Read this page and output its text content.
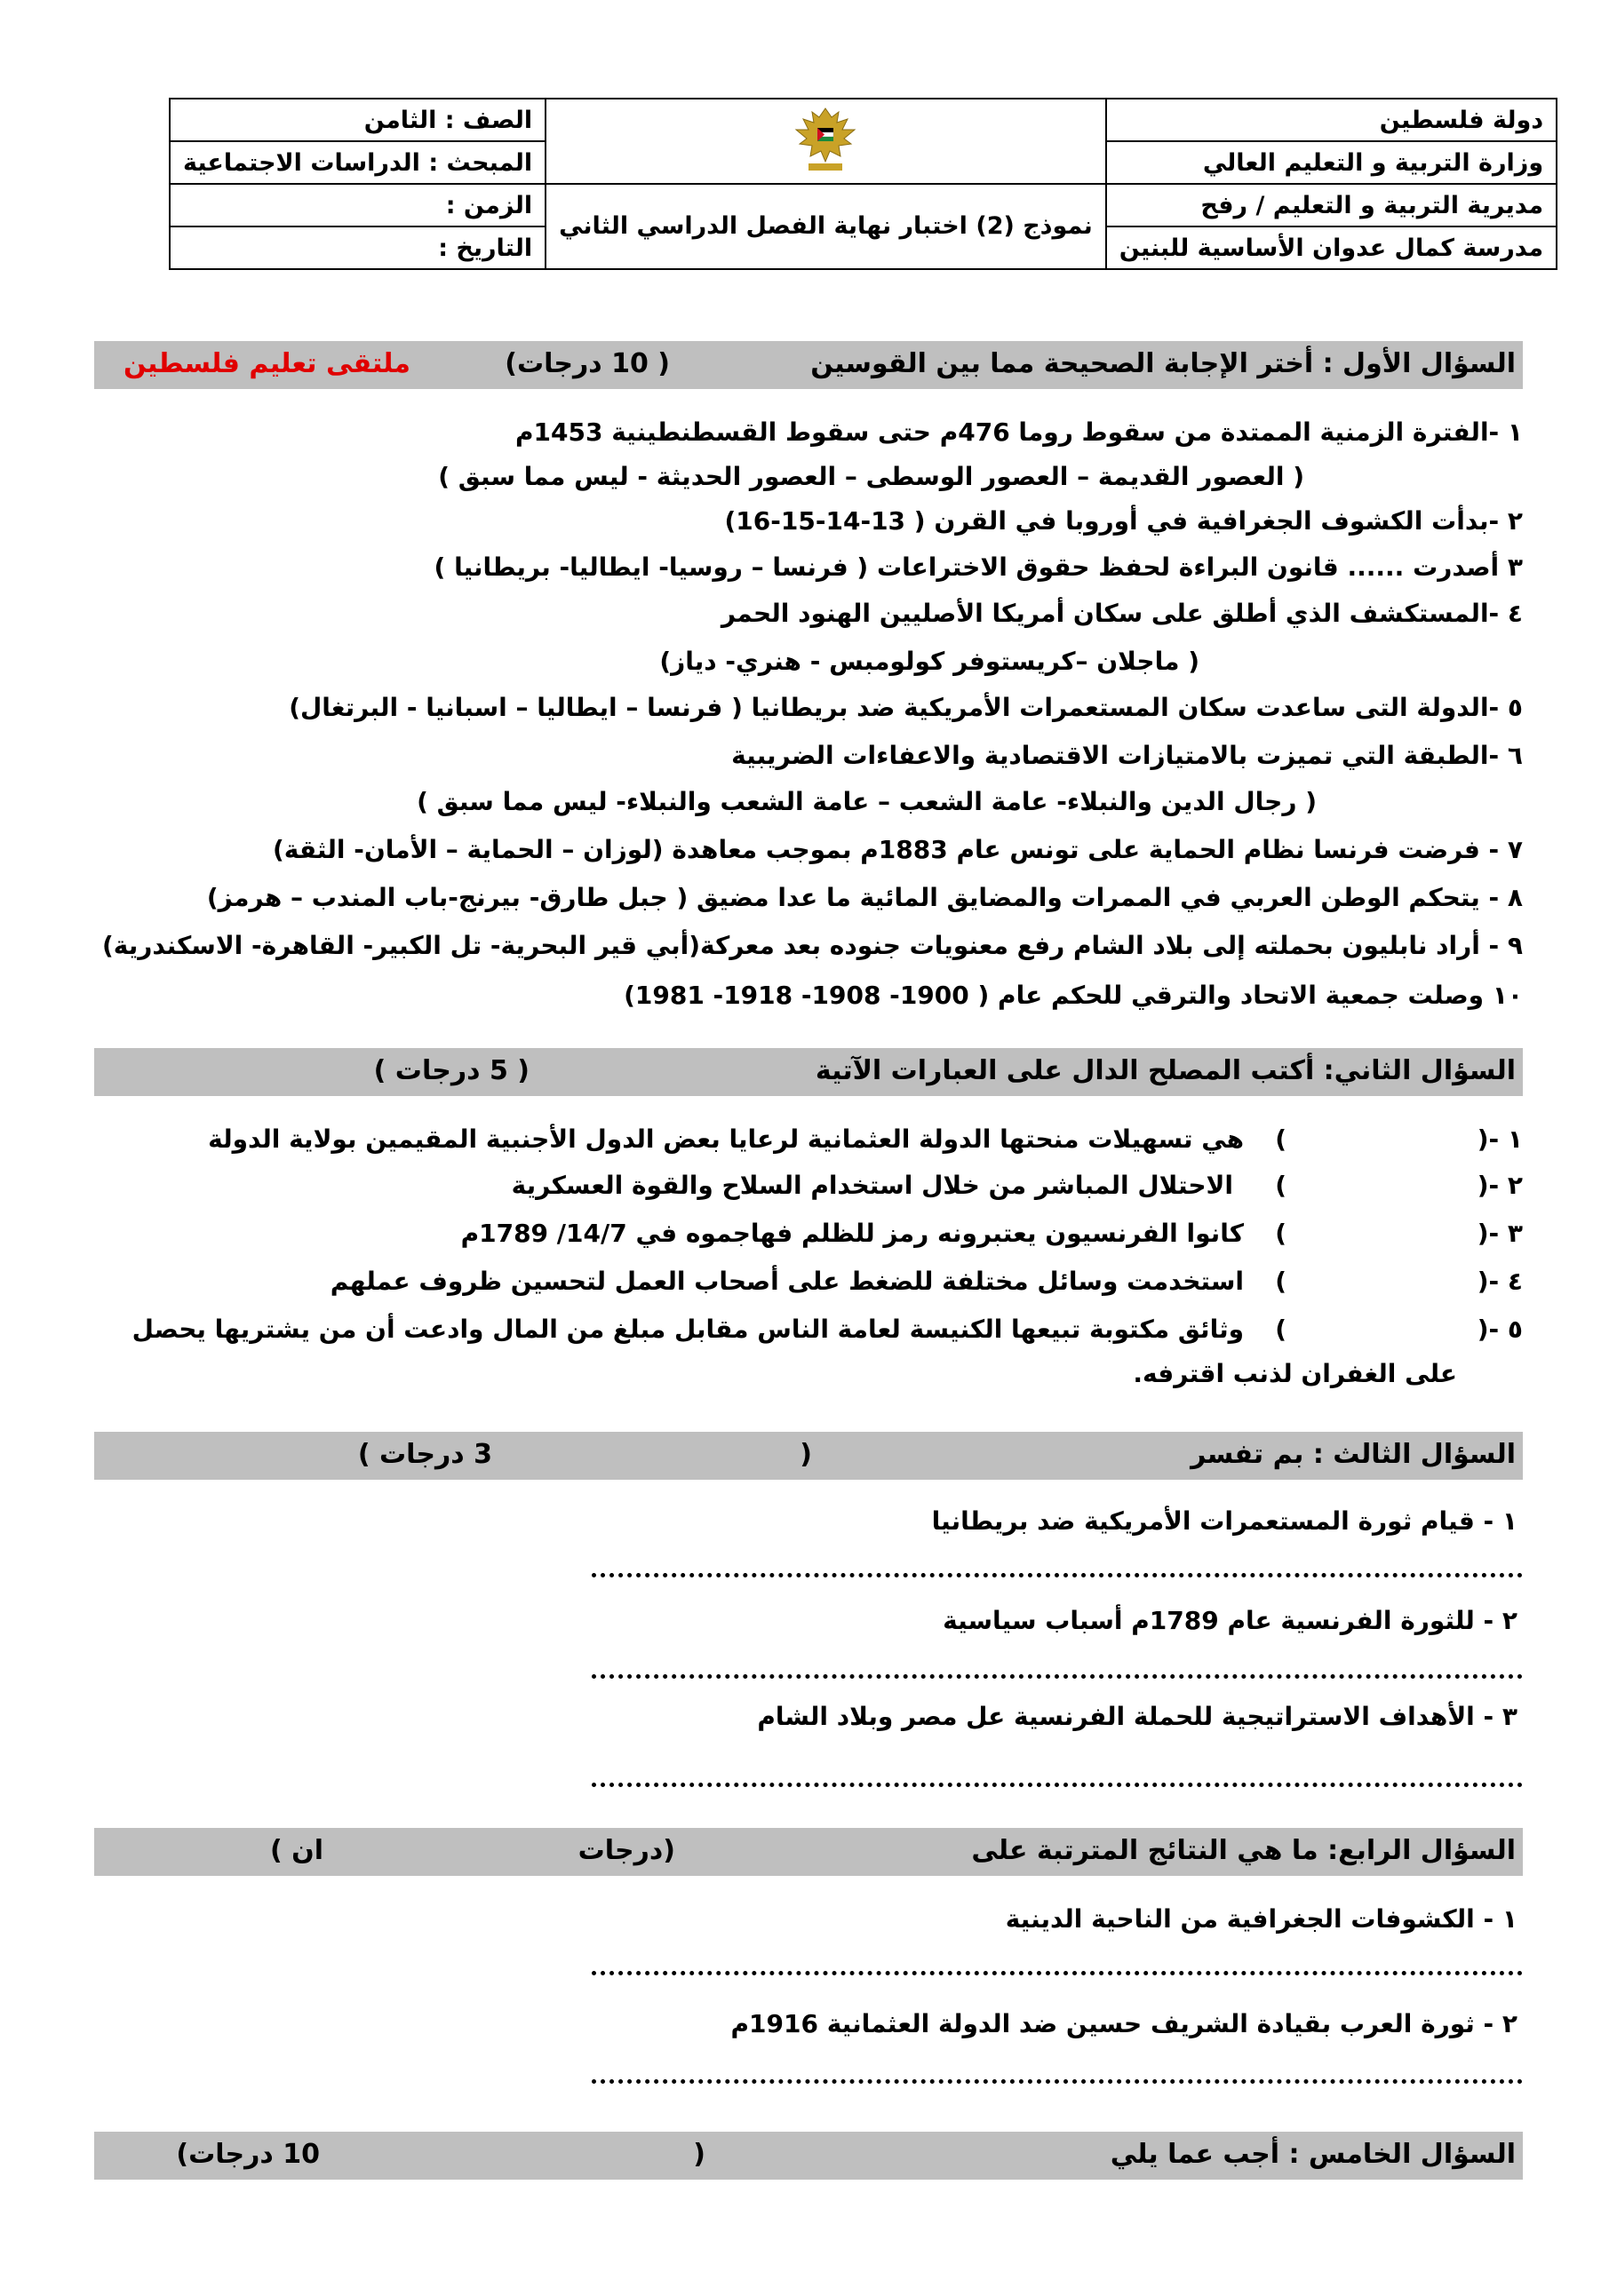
دولة فلسطين		الصف : الثامن
وزارة التربية و التعليم العالي		المبحث : الدراسات الاجتماعية
مديرية التربية و التعليم / رفح	نموذج (2) اختبار نهاية الفصل الدراسي الثاني	الزمن :
مدرسة كمال عدوان الأساسية للبنين		التاريخ :
السؤال الأول : أختر الإجابة الصحيحة مما بين القوسين
( 10 درجات)
ملتقى تعليم فلسطين
١ -الفترة الزمنية الممتدة من سقوط روما 476م حتى سقوط القسطنطينية 1453م
( العصور القديمة – العصور الوسطى – العصور الحديثة - ليس مما سبق )
٢ -بدأت الكشوف الجغرافية في أوروبا في القرن ( 13-14-15-16)
٣ أصدرت ...... قانون البراءة لحفظ حقوق الاختراعات ( فرنسا – روسيا- ايطاليا- بريطانيا )
٤ -المستكشف الذي أطلق على سكان أمريكا الأصليين الهنود الحمر
( ماجلان –كريستوفر كولومبس - هنري- دياز)
٥ -الدولة التى ساعدت سكان المستعمرات الأمريكية ضد بريطانيا ( فرنسا – ايطاليا – اسبانيا - البرتغال)
٦ -الطبقة التي تميزت بالامتيازات الاقتصادية والاعفاءات الضريبية
( رجال الدين والنبلاء- عامة الشعب – عامة الشعب والنبلاء- ليس مما سبق )
٧ - فرضت فرنسا نظام الحماية على تونس عام 1883م بموجب معاهدة (لوزان – الحماية – الأمان- الثقة)
٨ - يتحكم الوطن العربي في الممرات والمضايق المائية ما عدا مضيق ( جبل طارق- بيرنج-باب المندب – هرمز)
٩ - أراد نابليون بحملته إلى بلاد الشام رفع معنويات جنوده بعد معركة(أبي قير البحرية- تل الكبير- القاهرة- الاسكندرية)
١٠ وصلت جمعية الاتحاد والترقي للحكم عام ( 1900- 1908- 1918- 1981)
السؤال الثاني: أكتب المصلح الدال على العبارات الآتية
( 5 درجات )
١ -(
)
هي تسهيلات منحتها الدولة العثمانية لرعايا بعض الدول الأجنبية المقيمين بولاية الدولة
٢ -(
)
الاحتلال المباشر من خلال استخدام السلاح والقوة العسكرية
٣ -(
)
كانوا الفرنسيون يعتبرونه رمز للظلم فهاجموه في 14/7/ 1789م
٤ -(
)
استخدمت وسائل مختلفة للضغط على أصحاب العمل لتحسين ظروف عملهم
٥ -(
)
وثائق مكتوبة تبيعها الكنيسة لعامة الناس مقابل مبلغ من المال وادعت أن من يشتريها يحصل
على الغفران لذنب اقترفه.
السؤال الثالث : بم تفسر
(
3 درجات )
١ - قيام ثورة المستعمرات الأمريكية ضد بريطانيا
٢ - للثورة الفرنسية عام 1789م أسباب سياسية
٣ - الأهداف الاستراتيجية للحملة الفرنسية عل مصر وبلاد الشام
السؤال الرابع: ما هي النتائج المترتبة على
(درجات
ان )
١ - الكشوفات الجغرافية من الناحية الدينية
٢ - ثورة العرب بقيادة الشريف حسين ضد الدولة العثمانية 1916م
السؤال الخامس : أجب عما يلي
(
10 درجات)
